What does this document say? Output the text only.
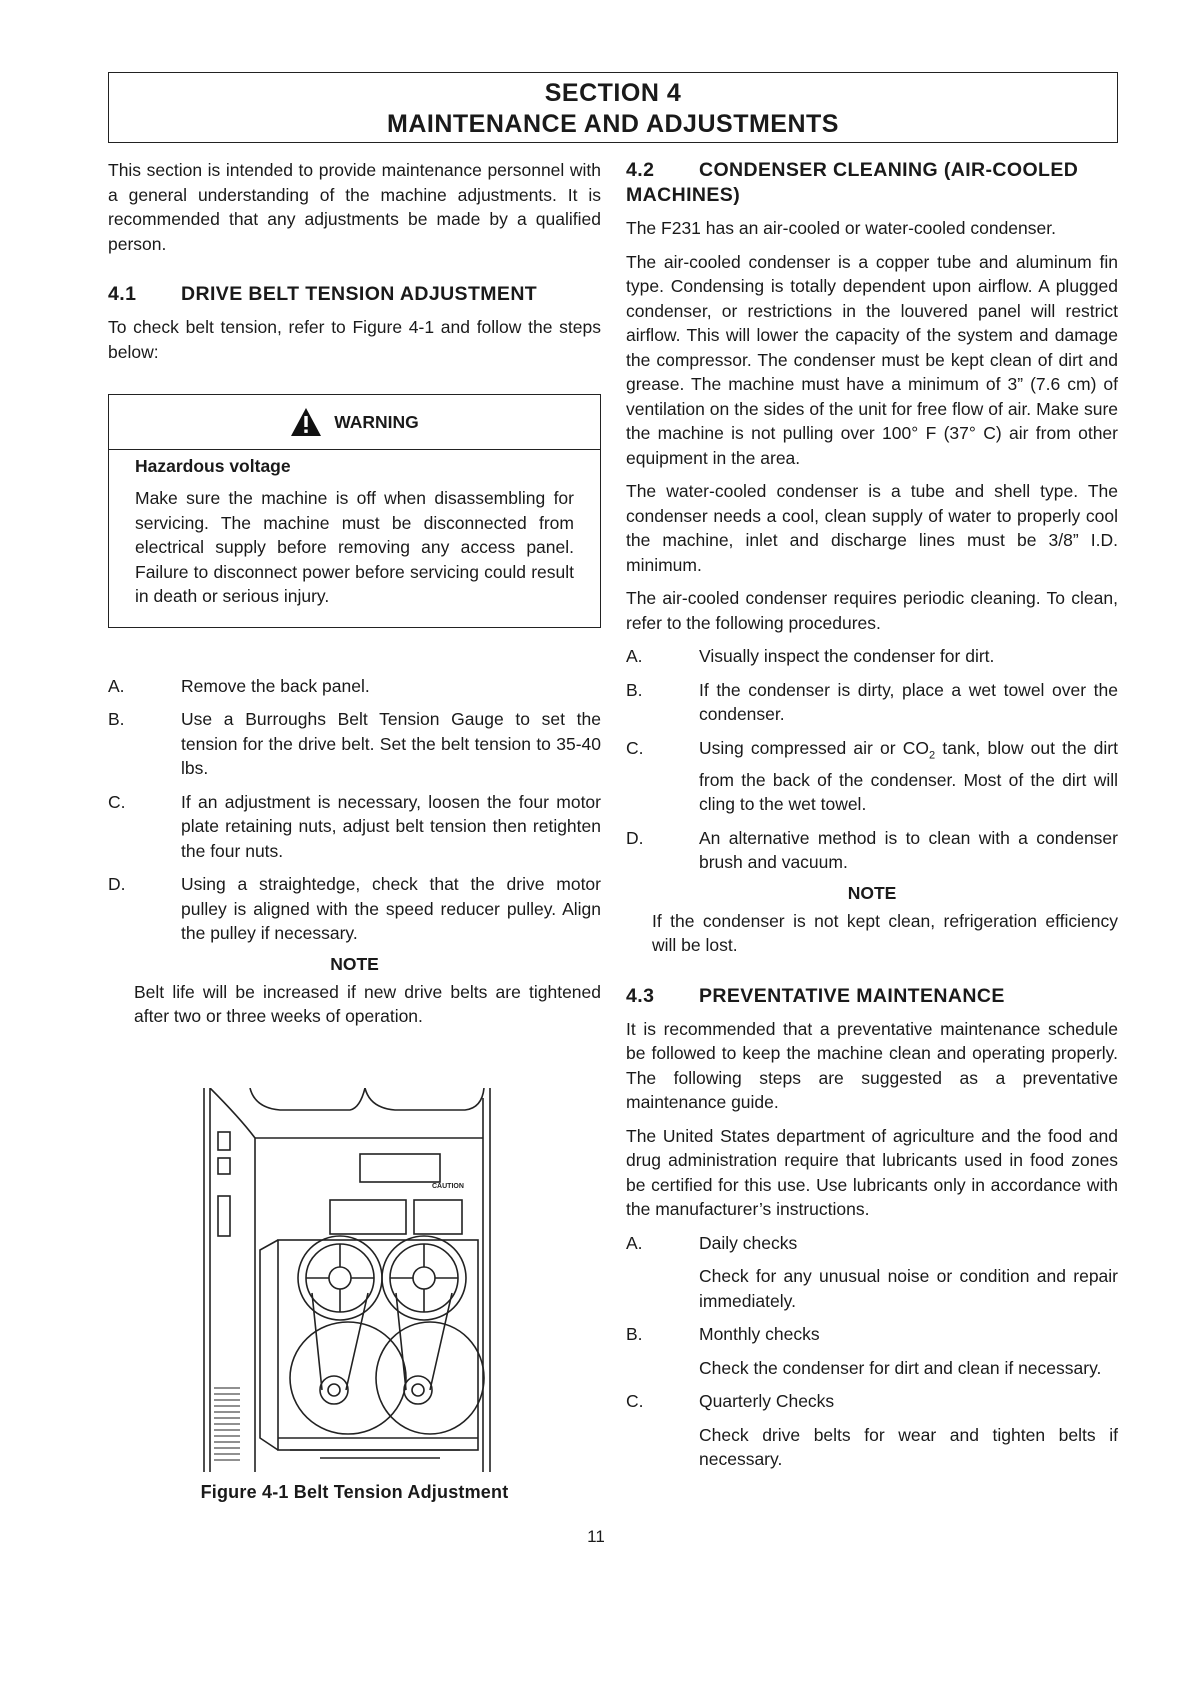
SECTION 4
MAINTENANCE AND ADJUSTMENTS

This section is intended to provide maintenance personnel with a general understanding of the machine adjustments. It is recommended that any adjustments be made by a qualified person.

4.1	DRIVE BELT TENSION ADJUSTMENT

To check belt tension, refer to Figure 4-1 and follow the steps below:

WARNING
Hazardous voltage

Make sure the machine is off when disassembling for servicing. The machine must be disconnected from electrical supply before removing any access panel. Failure to disconnect power before servicing could result in death or serious injury.

A.	Remove the back panel.
B.	Use a Burroughs Belt Tension Gauge to set the tension for the drive belt. Set the belt tension to 35-40 lbs.
C.	If an adjustment is necessary, loosen the four motor plate retaining nuts, adjust belt tension then retighten the four nuts.
D.	Using a straightedge, check that the drive motor pulley is aligned with the speed reducer pulley. Align the pulley if necessary.
NOTE
Belt life will be increased if new drive belts are tightened after two or three weeks of operation.
CAUTION
Figure 4-1 Belt Tension Adjustment
4.2 CONDENSER CLEANING (AIR-COOLED MACHINES)

The F231 has an air-cooled or water-cooled condenser.

The air-cooled condenser is a copper tube and aluminum fin type. Condensing is totally dependent upon airflow. A plugged condenser, or restrictions in the louvered panel will restrict airflow. This will lower the capacity of the system and damage the compressor. The condenser must be kept clean of dirt and grease. The machine must have a minimum of 3” (7.6 cm) of ventilation on the sides of the unit for free flow of air. Make sure the machine is not pulling over 100° F (37° C) air from other equipment in the area.

The water-cooled condenser is a tube and shell type. The condenser needs a cool, clean supply of water to properly cool the machine, inlet and discharge lines must be 3/8” I.D. minimum.

The air-cooled condenser requires periodic cleaning. To clean, refer to the following procedures.

A.	Visually inspect the condenser for dirt.
B.	If the condenser is dirty, place a wet towel over the condenser.
C.	Using compressed air or $CO_2$ tank, blow out the dirt from the back of the condenser. Most of the dirt will cling to the wet towel.
D.	An alternative method is to clean with a condenser brush and vacuum.
NOTE
If the condenser is not kept clean, refrigeration efficiency will be lost.
4.3	PREVENTATIVE MAINTENANCE

It is recommended that a preventative maintenance schedule be followed to keep the machine clean and operating properly. The following steps are suggested as a preventative maintenance guide.

The United States department of agriculture and the food and drug administration require that lubricants used in food zones be certified for this use. Use lubricants only in accordance with the manufacturer’s instructions.

A.	Daily checks
Check for any unusual noise or condition and repair immediately.
B.	Monthly checks
Check the condenser for dirt and clean if necessary.
C.	Quarterly Checks
Check drive belts for wear and tighten belts if necessary.
11
